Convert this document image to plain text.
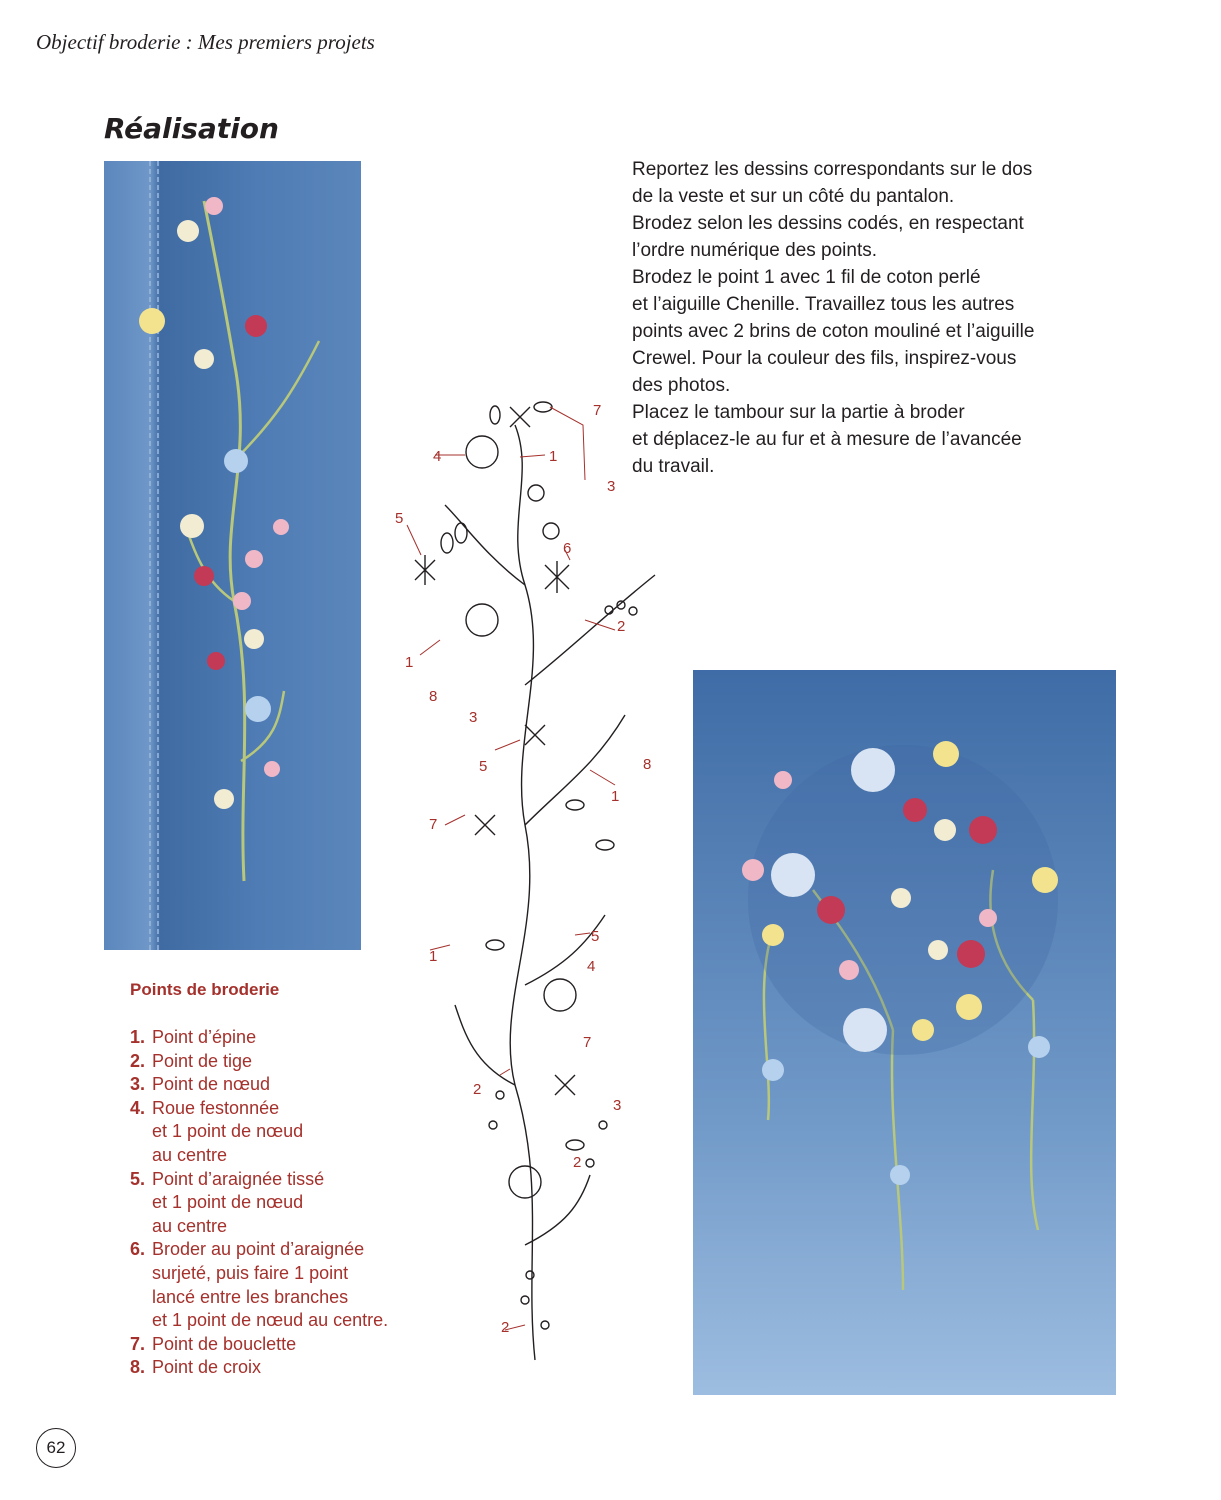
Objectif broderie : Mes premiers projets
Réalisation

Reportez les dessins correspondants sur le dos

de la veste et sur un côté du pantalon.

Brodez selon les dessins codés, en respectant

l’ordre numérique des points.

Brodez le point 1 avec 1 fil de coton perlé

et l’aiguille Chenille. Travaillez tous les autres

points avec 2 brins de coton mouliné et l’aiguille

Crewel. Pour la couleur des fils, inspirez-vous

des photos.

Placez le tambour sur la partie à broder

et déplacez-le au fur et à mesure de l’avancée

du travail.

7
4	1
3
5
6
2
1
8
3
5	8
1
7
5
1
4
7
2
3
2
2

Points de broderie

1. Point d’épine
2. Point de tige
3. Point de nœud
4. Roue festonnée
et 1 point de nœud
au centre
5. Point d’araignée tissé
et 1 point de nœud
au centre
6. Broder au point d’araignée
surjeté, puis faire 1 point
lancé entre les branches
et 1 point de nœud au centre.
7. Point de bouclette
8. Point de croix
62
